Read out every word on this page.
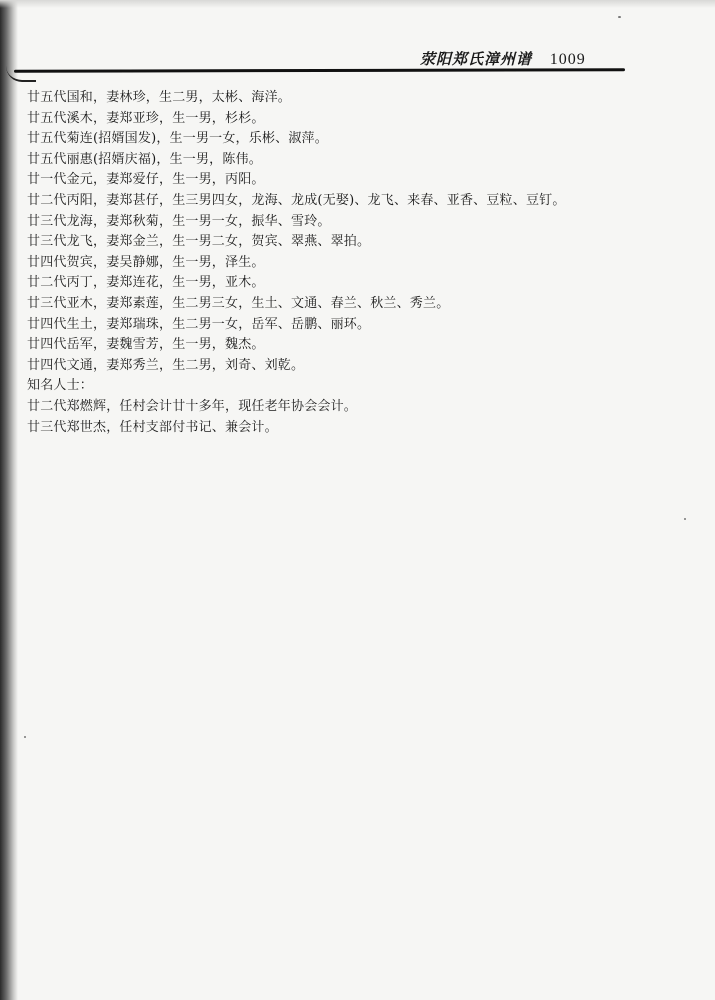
荥阳郑氏漳州谱 1009
廿五代国和，妻林珍，生二男，太彬、海洋。
廿五代溪木，妻郑亚珍，生一男，杉杉。
廿五代菊连(招婿国发)，生一男一女，乐彬、淑萍。
廿五代丽惠(招婿庆福)，生一男，陈伟。
廿一代金元，妻郑爱仔，生一男，丙阳。
廿二代丙阳，妻郑甚仔，生三男四女，龙海、龙成(无娶)、龙飞、来春、亚香、豆粒、豆钉。
廿三代龙海，妻郑秋菊，生一男一女，振华、雪玲。
廿三代龙飞，妻郑金兰，生一男二女，贺宾、翠燕、翠拍。
廿四代贺宾，妻吴静娜，生一男，泽生。
廿二代丙丁，妻郑连花，生一男，亚木。
廿三代亚木，妻郑素莲，生二男三女，生土、文通、春兰、秋兰、秀兰。
廿四代生土，妻郑瑞珠，生二男一女，岳军、岳鹏、丽环。
廿四代岳军，妻魏雪芳，生一男，魏杰。
廿四代文通，妻郑秀兰，生二男，刘奇、刘乾。
知名人士：
廿二代郑燃辉，任村会计廿十多年，现任老年协会会计。
廿三代郑世杰，任村支部付书记、兼会计。
